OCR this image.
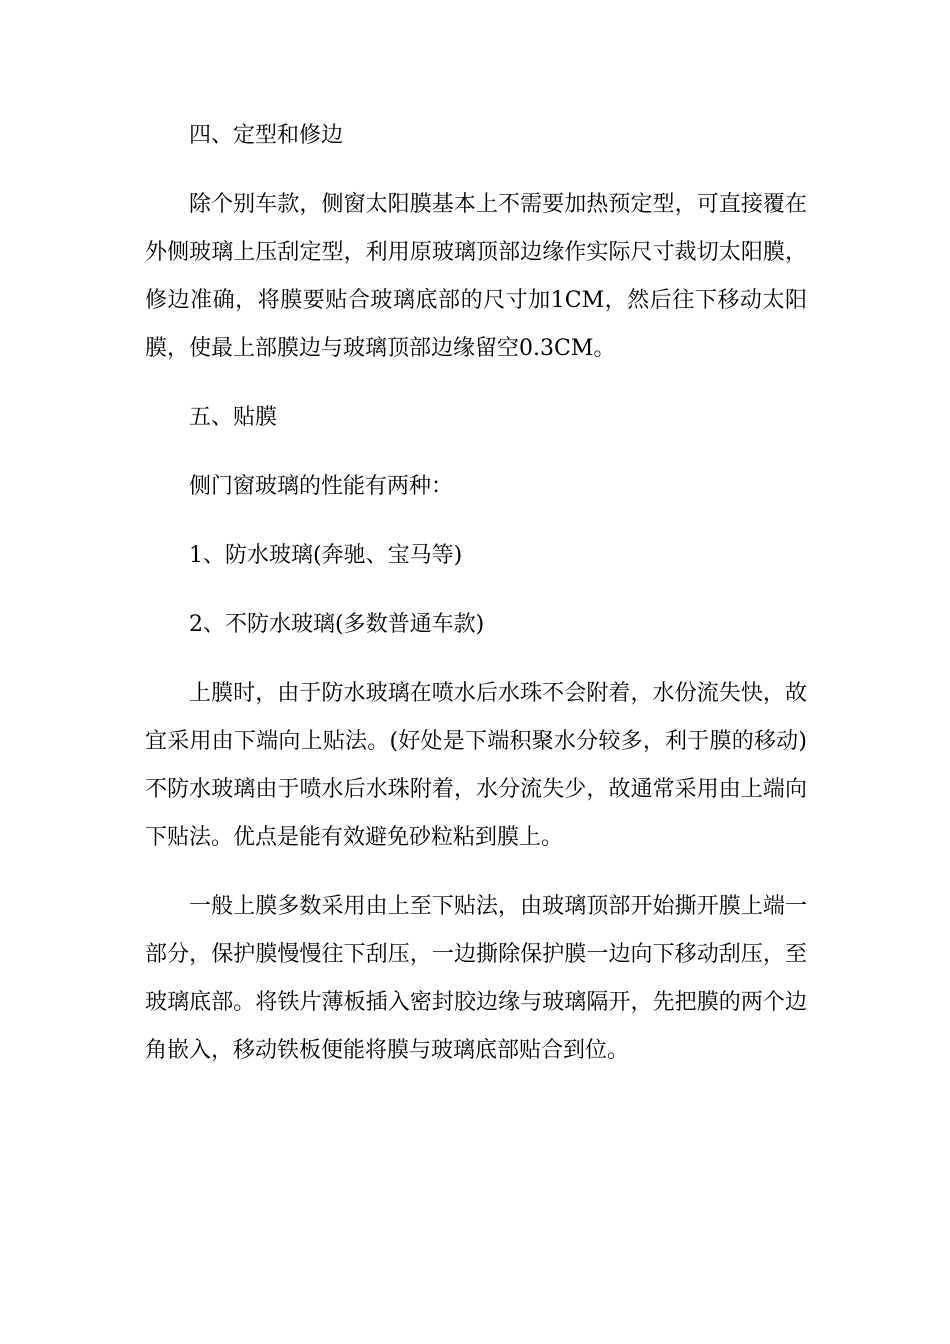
四、定型和修边

除个别车款，侧窗太阳膜基本上不需要加热预定型，可直接覆在外侧玻璃上压刮定型，利用原玻璃顶部边缘作实际尺寸裁切太阳膜，修边准确，将膜要贴合玻璃底部的尺寸加1CM，然后往下移动太阳膜，使最上部膜边与玻璃顶部边缘留空0.3CM。

五、贴膜

侧门窗玻璃的性能有两种：

1、防水玻璃(奔驰、宝马等)

2、不防水玻璃(多数普通车款)

上膜时，由于防水玻璃在喷水后水珠不会附着，水份流失快，故宜采用由下端向上贴法。(好处是下端积聚水分较多，利于膜的移动)不防水玻璃由于喷水后水珠附着，水分流失少，故通常采用由上端向下贴法。优点是能有效避免砂粒粘到膜上。

一般上膜多数采用由上至下贴法，由玻璃顶部开始撕开膜上端一部分，保护膜慢慢往下刮压，一边撕除保护膜一边向下移动刮压，至玻璃底部。将铁片薄板插入密封胶边缘与玻璃隔开，先把膜的两个边角嵌入，移动铁板便能将膜与玻璃底部贴合到位。
